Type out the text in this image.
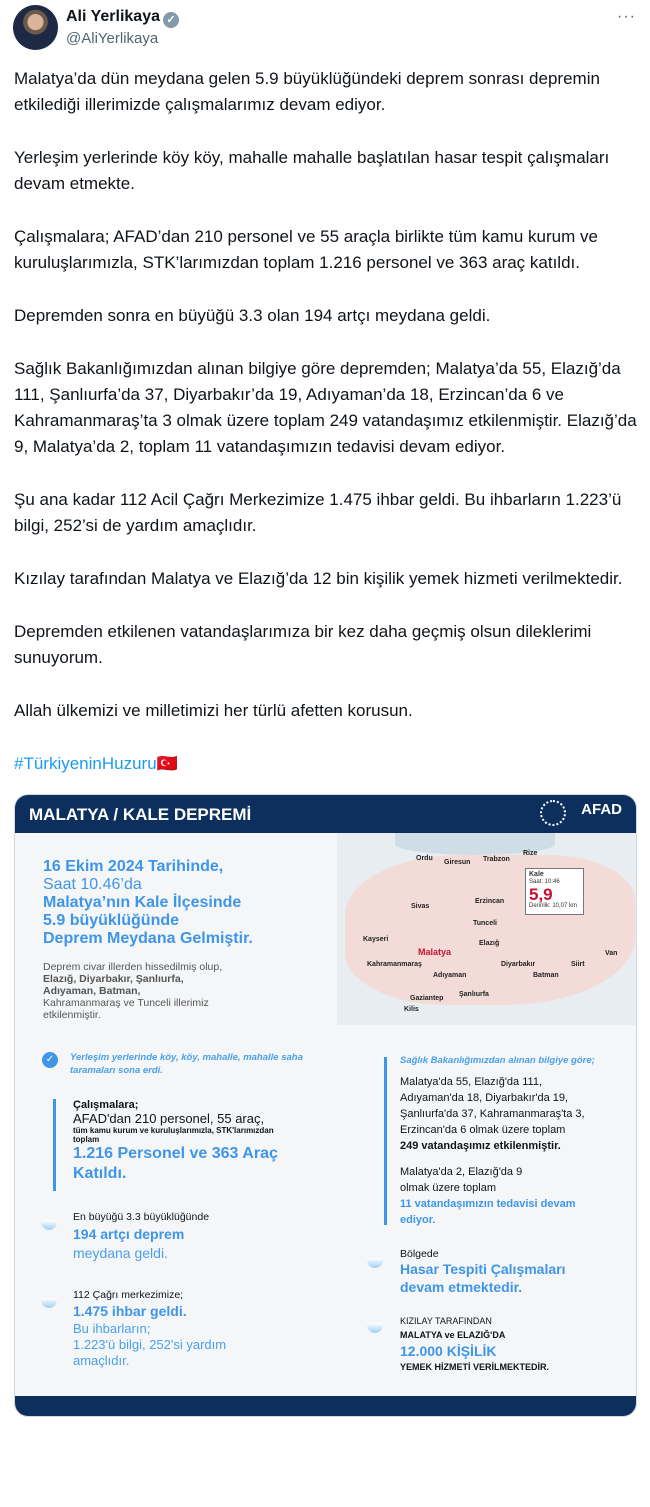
Ali Yerlikaya ✓
@AliYerlikaya
···

Malatya’da dün meydana gelen 5.9 büyüklüğündeki deprem sonrası depremin etkilediği illerimizde çalışmalarımız devam ediyor.

Yerleşim yerlerinde köy köy, mahalle mahalle başlatılan hasar tespit çalışmaları devam etmekte.

Çalışmalara; AFAD’dan 210 personel ve 55 araçla birlikte tüm kamu kurum ve kuruluşlarımızla, STK’larımızdan toplam 1.216 personel ve 363 araç katıldı.

Depremden sonra en büyüğü 3.3 olan 194 artçı meydana geldi.

Sağlık Bakanlığımızdan alınan bilgiye göre depremden; Malatya’da 55, Elazığ’da 111, Şanlıurfa’da 37, Diyarbakır’da 19, Adıyaman’da 18, Erzincan’da 6 ve Kahramanmaraş’ta 3 olmak üzere toplam 249 vatandaşımız etkilenmiştir. Elazığ’da 9, Malatya’da 2, toplam 11 vatandaşımızın tedavisi devam ediyor.

Şu ana kadar 112 Acil Çağrı Merkezimize 1.475 ihbar geldi. Bu ihbarların 1.223’ü bilgi, 252’si de yardım amaçlıdır.

Kızılay tarafından Malatya ve Elazığ’da 12 bin kişilik yemek hizmeti verilmektedir.

Depremden etkilenen vatandaşlarımıza bir kez daha geçmiş olsun dileklerimi sunuyorum.

Allah ülkemizi ve milletimizi her türlü afetten korusun.

#TürkiyeninHuzuru🇹🇷

MALATYA / KALE DEPREMİ	AFAD
16 Ekim 2024 Tarihinde,
Saat 10.46’da
Malatya’nın Kale İlçesinde
5.9 büyüklüğünde
Deprem Meydana Gelmiştir.
Deprem civar illerden hissedilmiş olup,
Elazığ, Diyarbakır, Şanlıurfa,
Adıyaman, Batman,
Kahramanmaraş ve Tunceli illerimiz
etkilenmiştir.
Ordu
Giresun Trabzon
Rize
Sivas
Erzincan
Tunceli
Kayseri
Malatya
Elazığ
Kahramanmaraş
Adıyaman
Diyarbakır	Siirt
Batman
Van
Şanlıurfa
Gaziantep
Kilis
Kale
Saat: 10:46
5,9
Derinlik: 10,07 km
✓	Yerleşim yerlerinde köy, köy, mahalle, mahalle saha
taramaları sona erdi.
Çalışmalara;
AFAD'dan 210 personel, 55 araç,
tüm kamu kurum ve kuruluşlarımızla, STK'larımızdan
toplam
1.216 Personel ve 363 Araç
Katıldı.
En büyüğü 3.3 büyüklüğünde
194 artçı deprem
meydana geldi.
112 Çağrı merkezimize;
1.475 ihbar geldi.
Bu ihbarların;
1.223'ü bilgi, 252'si yardım
amaçlıdır.
Sağlık Bakanlığımızdan alınan bilgiye göre;
Malatya'da 55, Elazığ'da 111,
Adıyaman'da 18, Diyarbakır'da 19,
Şanlıurfa'da 37, Kahramanmaraş'ta 3,
Erzincan'da 6 olmak üzere toplam
249 vatandaşımız etkilenmiştir.
Malatya'da 2, Elazığ'da 9
olmak üzere toplam
11 vatandaşımızın tedavisi devam
ediyor.
Bölgede
Hasar Tespiti Çalışmaları
devam etmektedir.
KIZILAY TARAFINDAN
MALATYA ve ELAZIĞ'DA
12.000 KİŞİLİK
YEMEK HİZMETİ VERİLMEKTEDİR.
